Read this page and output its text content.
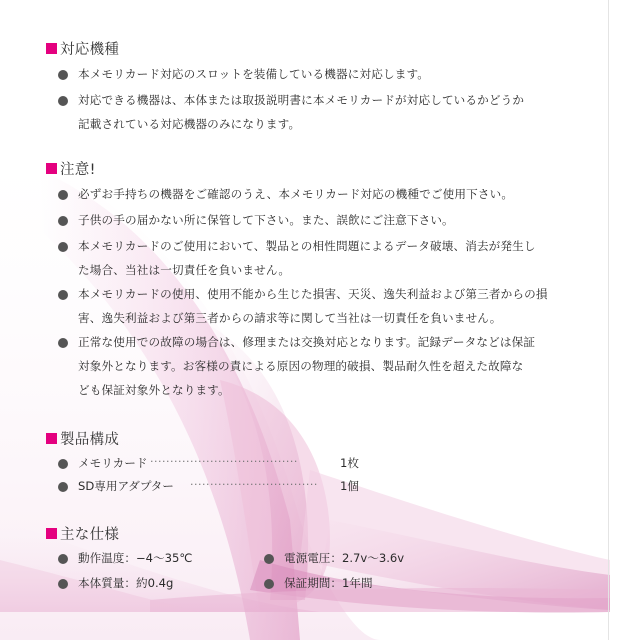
対応機種
本メモリカード対応のスロットを装備している機器に対応します。
対応できる機器は、本体または取扱説明書に本メモリカードが対応しているかどうか
記載されている対応機器のみになります。
注意!
必ずお手持ちの機器をご確認のうえ、本メモリカード対応の機種でご使用下さい。
子供の手の届かない所に保管して下さい。また、誤飲にご注意下さい。
本メモリカードのご使用において、製品との相性問題によるデータ破壊、消去が発生し
た場合、当社は一切責任を負いません。
本メモリカードの使用、使用不能から生じた損害、天災、逸失利益および第三者からの損
害、逸失利益および第三者からの請求等に関して当社は一切責任を負いません。
正常な使用での故障の場合は、修理または交換対応となります。記録データなどは保証
対象外となります。お客様の責による原因の物理的破損、製品耐久性を超えた故障な
ども保証対象外となります。
製品構成
メモリカード ·····································	1枚
SD専用アダプター ································	1個
主な仕様
動作温度：−4～35℃	電源電圧：2.7v～3.6v
本体質量：約0.4g	保証期間：1年間
